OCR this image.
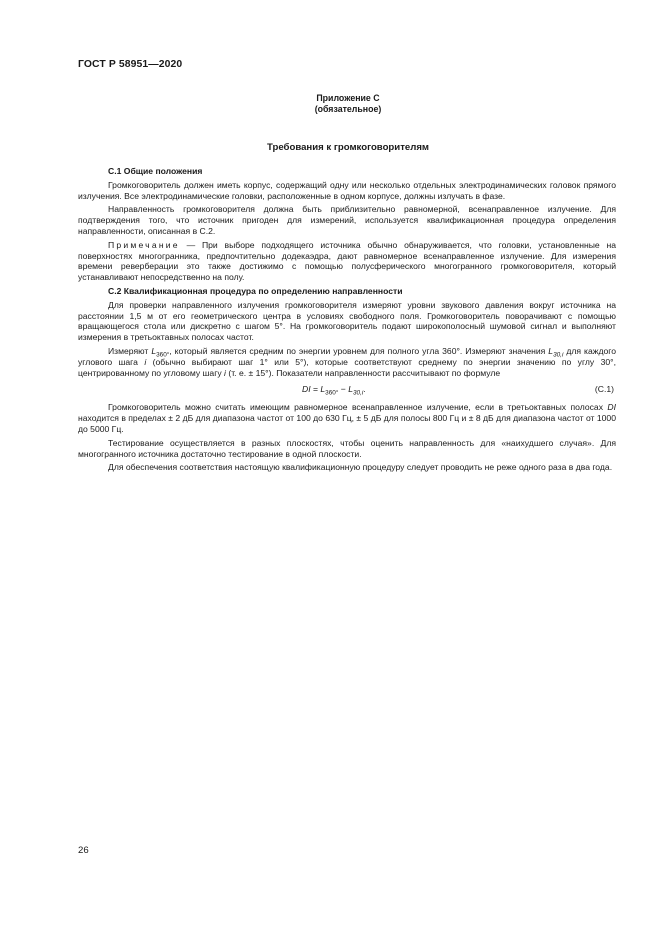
ГОСТ Р 58951—2020
Приложение С
(обязательное)
Требования к громкоговорителям
С.1 Общие положения

Громкоговоритель должен иметь корпус, содержащий одну или несколько отдельных электродинамических головок прямого излучения. Все электродинамические головки, расположенные в одном корпусе, должны излучать в фазе.

Направленность громкоговорителя должна быть приблизительно равномерной, всенаправленное излучение. Для подтверждения того, что источник пригоден для измерений, используется квалификационная процедура определения направленности, описанная в С.2.

Примечание — При выборе подходящего источника обычно обнаруживается, что головки, установленные на поверхностях многогранника, предпочтительно додекаэдра, дают равномерное всенаправленное излучение. Для измерения времени реверберации это также достижимо с помощью полусферического многогранного громкоговорителя, который устанавливают непосредственно на полу.

С.2 Квалификационная процедура по определению направленности

Для проверки направленного излучения громкоговорителя измеряют уровни звукового давления вокруг источника на расстоянии 1,5 м от его геометрического центра в условиях свободного поля. Громкоговоритель поворачивают с помощью вращающегося стола или дискретно с шагом 5°. На громкоговоритель подают широкополосный шумовой сигнал и выполняют измерения в третьоктавных полосах частот.

Измеряют $L_{360^\circ}$, который является средним по энергии уровнем для полного угла 360°. Измеряют значения $L_{30,i}$ для каждого углового шага i (обычно выбирают шаг 1° или 5°), которые соответствуют среднему по энергии значению по углу 30°, центрированному по угловому шагу i (т. е. ± 15°). Показатели направленности рассчитывают по формуле

DI = $L_{360^\circ} - L_{30,i}$.	(С.1)

Громкоговоритель можно считать имеющим равномерное всенаправленное излучение, если в третьоктавных полосах DI находится в пределах ± 2 дБ для диапазона частот от 100 до 630 Гц, ± 5 дБ для полосы 800 Гц и ± 8 дБ для диапазона частот от 1000 до 5000 Гц.

Тестирование осуществляется в разных плоскостях, чтобы оценить направленность для «наихудшего случая». Для многогранного источника достаточно тестирование в одной плоскости.

Для обеспечения соответствия настоящую квалификационную процедуру следует проводить не реже одного раза в два года.

26
